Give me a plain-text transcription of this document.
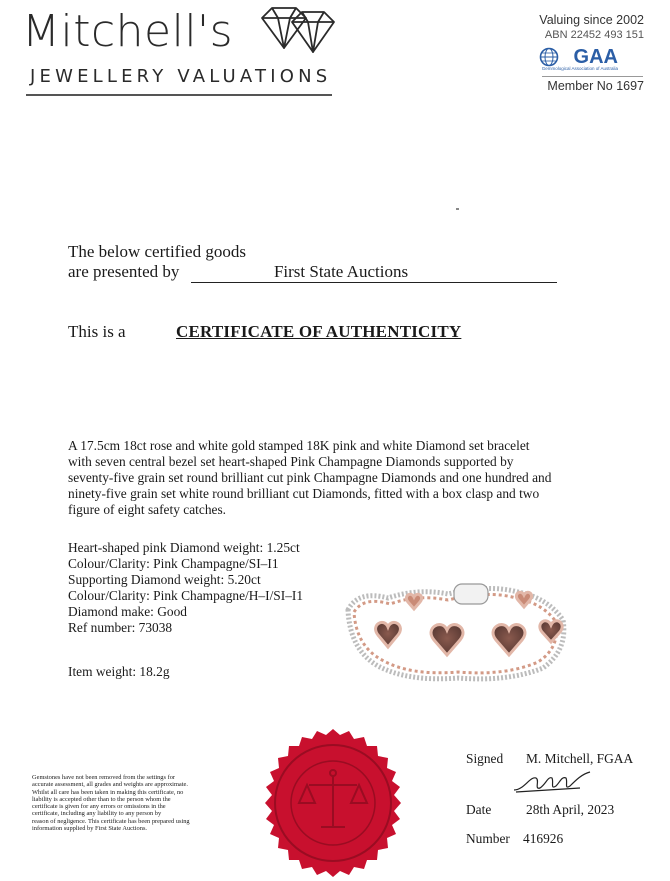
Mitchell's
JEWELLERY VALUATIONS
Valuing since 2002
ABN 22452 493 151
GAA
Gemmological Association of Australia
Member No 1697
The below certified goods
are presented by	First State Auctions
This is a	CERTIFICATE OF AUTHENTICITY
A 17.5cm 18ct rose and white gold stamped 18K pink and white Diamond set bracelet
with seven central bezel set heart-shaped Pink Champagne Diamonds supported by
seventy-five grain set round brilliant cut pink Champagne Diamonds and one hundred and
ninety-five grain set white round brilliant cut Diamonds, fitted with a box clasp and two
figure of eight safety catches.
Heart-shaped pink Diamond weight: 1.25ct
Colour/Clarity: Pink Champagne/SI–I1
Supporting Diamond weight: 5.20ct
Colour/Clarity: Pink Champagne/H–I/SI–I1
Diamond make: Good
Ref number: 73038
Item weight: 18.2g
Gemstones have not been removed from the settings for
accurate assessment, all grades and weights are approximate.
Whilst all care has been taken in making this certificate, no
liability is accepted other than to the person whom the
certificate is given for any errors or omissions in the
certificate, including any liability to any person by
reason of negligence. This certificate has been prepared using
information supplied by First State Auctions.
Signed M. Mitchell, FGAA
Date	28th April, 2023
Number 416926
